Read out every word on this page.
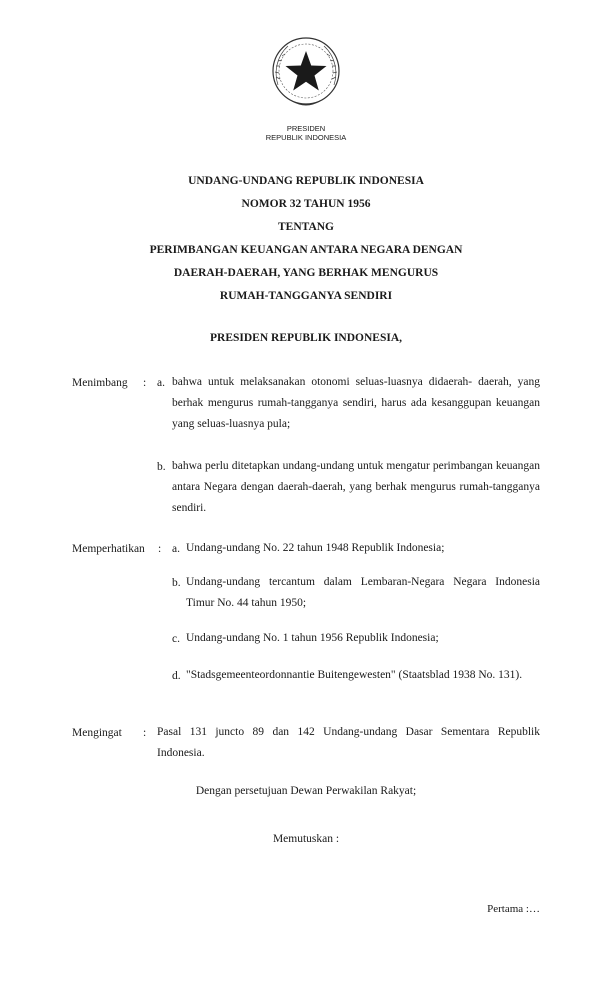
PRESIDEN
REPUBLIK INDONESIA
UNDANG-UNDANG REPUBLIK INDONESIA
NOMOR 32 TAHUN 1956
TENTANG
PERIMBANGAN KEUANGAN ANTARA NEGARA DENGAN
DAERAH-DAERAH, YANG BERHAK MENGURUS
RUMAH-TANGGANYA SENDIRI
PRESIDEN REPUBLIK INDONESIA,
Menimbang : a. bahwa untuk melaksanakan otonomi seluas-luasnya didaerah- daerah, yang berhak mengurus rumah-tangganya sendiri, harus ada kesanggupan keuangan yang seluas-luasnya pula;
b. bahwa perlu ditetapkan undang-undang untuk mengatur perimbangan keuangan antara Negara dengan daerah-daerah, yang berhak mengurus rumah-tangganya sendiri.
Memperhatikan : a. Undang-undang No. 22 tahun 1948 Republik Indonesia;
b. Undang-undang tercantum dalam Lembaran-Negara Negara Indonesia Timur No. 44 tahun 1950;
c. Undang-undang No. 1 tahun 1956 Republik Indonesia;
d. "Stadsgemeenteordonnantie Buitengewesten" (Staatsblad 1938 No. 131).
Mengingat : Pasal 131 juncto 89 dan 142 Undang-undang Dasar Sementara Republik Indonesia.
Dengan persetujuan Dewan Perwakilan Rakyat;
Memutuskan :
Pertama :…
